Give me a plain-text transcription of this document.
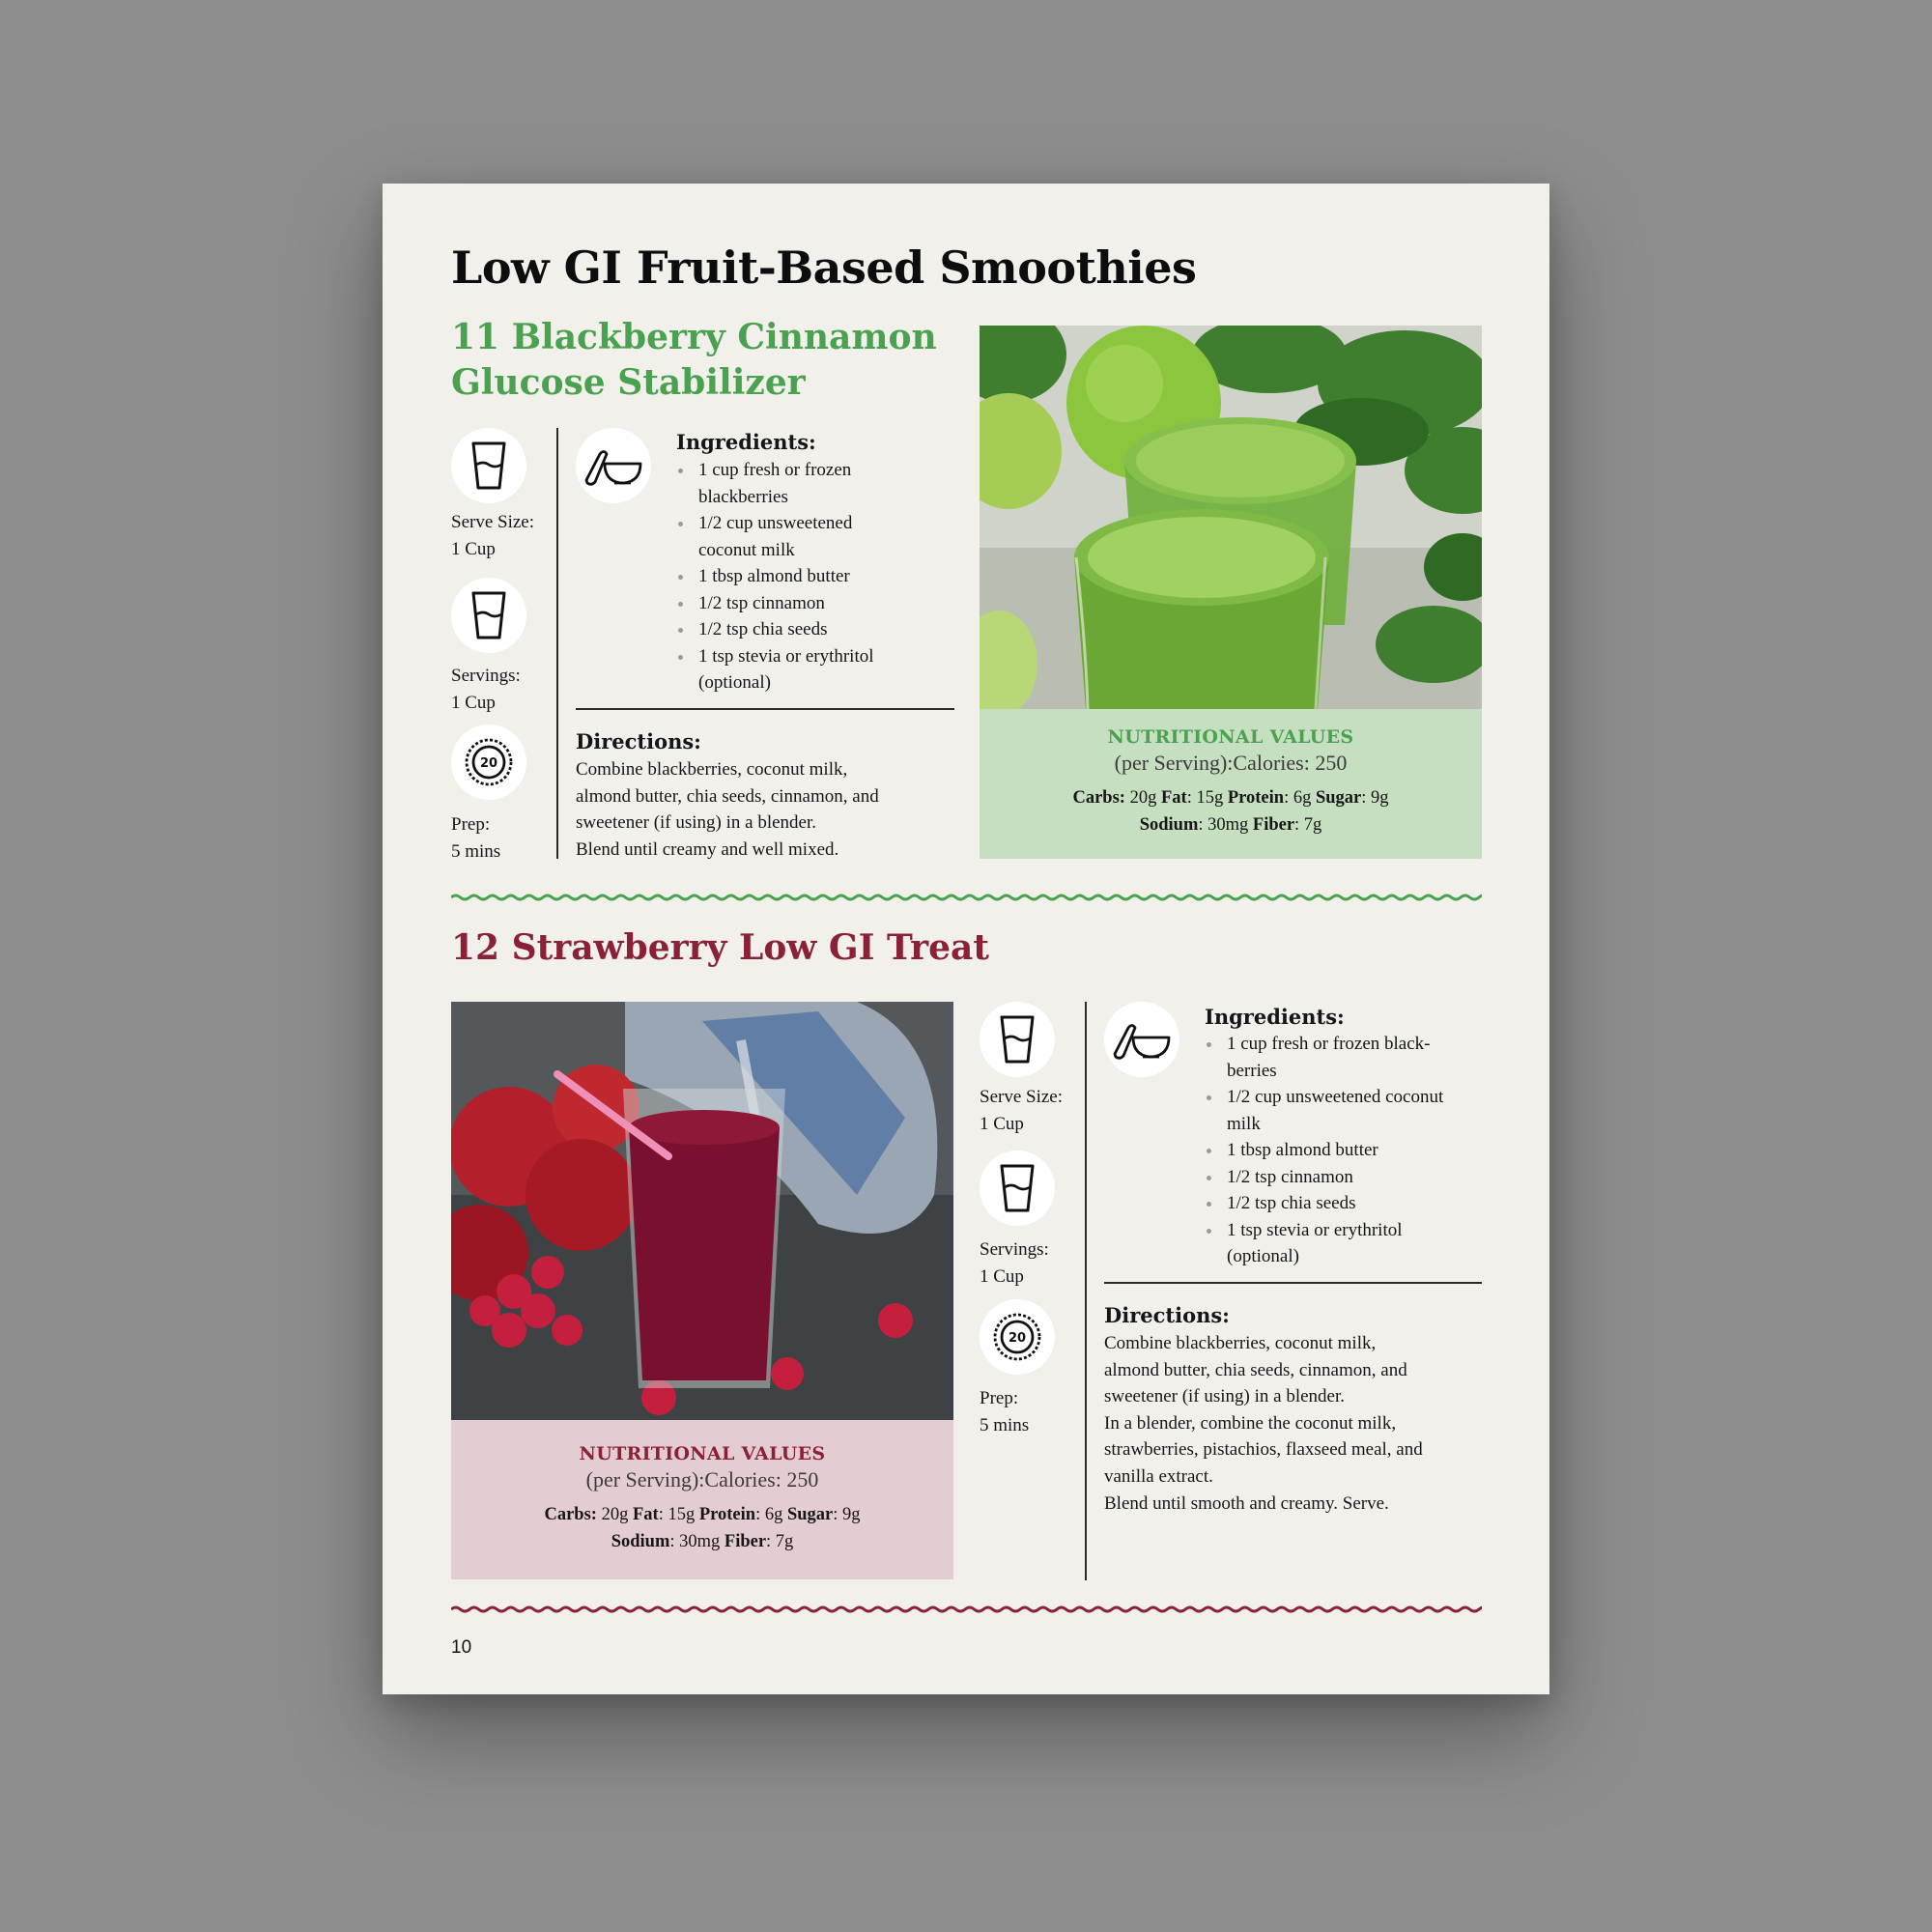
Low GI Fruit-Based Smoothies
11 Blackberry Cinnamon
Glucose Stabilizer
Serve Size:
1 Cup
Servings:
1 Cup
20
Prep:
5 mins
Ingredients:
1 cup fresh or frozen
blackberries
1/2 cup unsweetened
coconut milk
1 tbsp almond butter
1/2 tsp cinnamon
1/2 tsp chia seeds
1 tsp stevia or erythritol
(optional)
Directions:
Combine blackberries, coconut milk,
almond butter, chia seeds, cinnamon, and
sweetener (if using) in a blender.
Blend until creamy and well mixed.
NUTRITIONAL VALUES
(per Serving):Calories: 250
Carbs: 20g Fat: 15g Protein: 6g Sugar: 9g
Sodium: 30mg Fiber: 7g
12 Strawberry Low GI Treat
NUTRITIONAL VALUES
(per Serving):Calories: 250
Carbs: 20g Fat: 15g Protein: 6g Sugar: 9g
Sodium: 30mg Fiber: 7g
Serve Size:
1 Cup
Servings:
1 Cup
20
Prep:
5 mins
Ingredients:
1 cup fresh or frozen black-
berries
1/2 cup unsweetened coconut
milk
1 tbsp almond butter
1/2 tsp cinnamon
1/2 tsp chia seeds
1 tsp stevia or erythritol
(optional)
Directions:
Combine blackberries, coconut milk,
almond butter, chia seeds, cinnamon, and
sweetener (if using) in a blender.
In a blender, combine the coconut milk,
strawberries, pistachios, flaxseed meal, and
vanilla extract.
Blend until smooth and creamy. Serve.
10
